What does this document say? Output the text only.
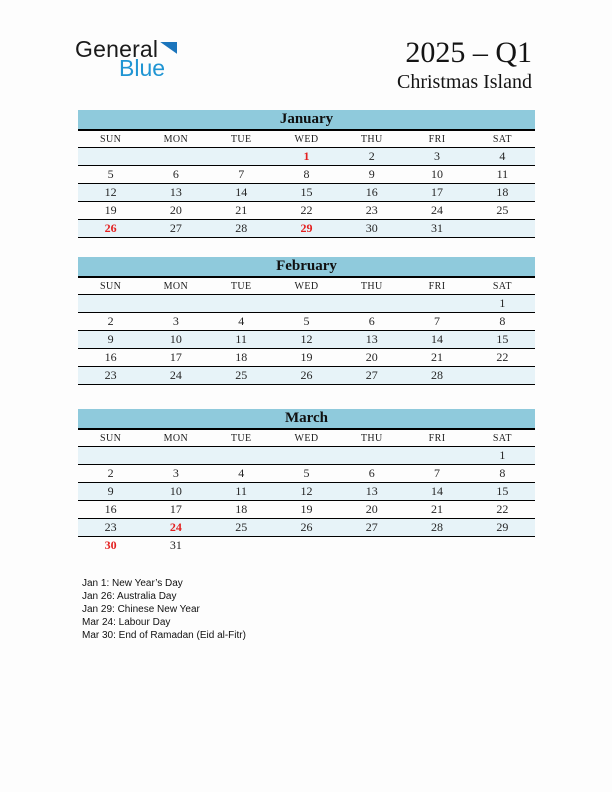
General
Blue	2025 – Q1
Christmas Island
January						
SUN	MON	TUE	WED	THU	FRI	SAT
			1	2	3	4
5	6	7	8	9	10	11
12	13	14	15	16	17	18
19	20	21	22	23	24	25
26	27	28	29	30	31	
February						
SUN	MON	TUE	WED	THU	FRI	SAT
						1
2	3	4	5	6	7	8
9	10	11	12	13	14	15
16	17	18	19	20	21	22
23	24	25	26	27	28	
March						
SUN	MON	TUE	WED	THU	FRI	SAT
						1
2	3	4	5	6	7	8
9	10	11	12	13	14	15
16	17	18	19	20	21	22
23	24	25	26	27	28	29
30	31					
Jan 1: New Year’s Day
Jan 26: Australia Day
Jan 29: Chinese New Year
Mar 24: Labour Day
Mar 30: End of Ramadan (Eid al-Fitr)
